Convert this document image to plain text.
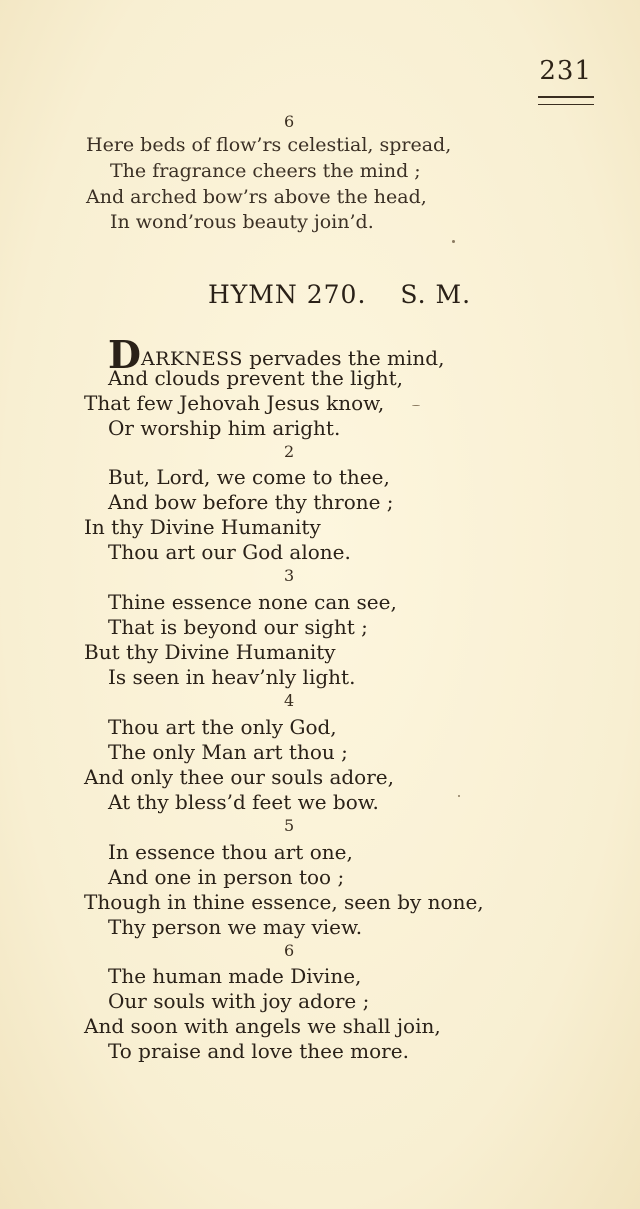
231
6
Here beds of flow’rs celestial, spread,
The fragrance cheers the mind ;
And arched bow’rs above the head,
In wond’rous beauty join’d.
HYMN 270. S. M.
DARKNESS pervades the mind,
And clouds prevent the light,
That few Jehovah Jesus know,
Or worship him aright.
2
But, Lord, we come to thee,
And bow before thy throne ;
In thy Divine Humanity
Thou art our God alone.
3
Thine essence none can see,
That is beyond our sight ;
But thy Divine Humanity
Is seen in heav’nly light.
4
Thou art the only God,
The only Man art thou ;
And only thee our souls adore,
At thy bless’d feet we bow.
5
In essence thou art one,
And one in person too ;
Though in thine essence, seen by none,
Thy person we may view.
6
The human made Divine,
Our souls with joy adore ;
And soon with angels we shall join,
To praise and love thee more.
